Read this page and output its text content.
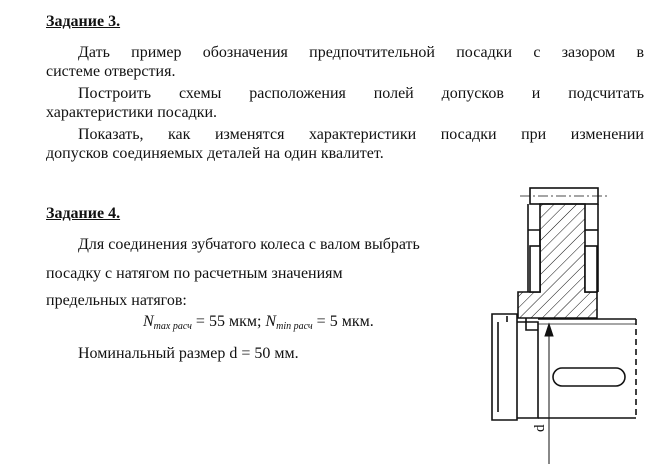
Задание 3.
Дать пример обозначения предпочтительной посадки с зазором в
системе отверстия.
Построить схемы расположения полей допусков и подсчитать
характеристики посадки.
Показать, как изменятся характеристики посадки при изменении
допусков соединяемых деталей на один квалитет.
Задание 4.
Для соединения зубчатого колеса с валом выбрать
посадку с натягом по расчетным значениям
предельных натягов:
$N_{max расч} = 55$ мкм; $N_{min расч} = 5$ мкм.
Номинальный размер d = 50 мм.
d
